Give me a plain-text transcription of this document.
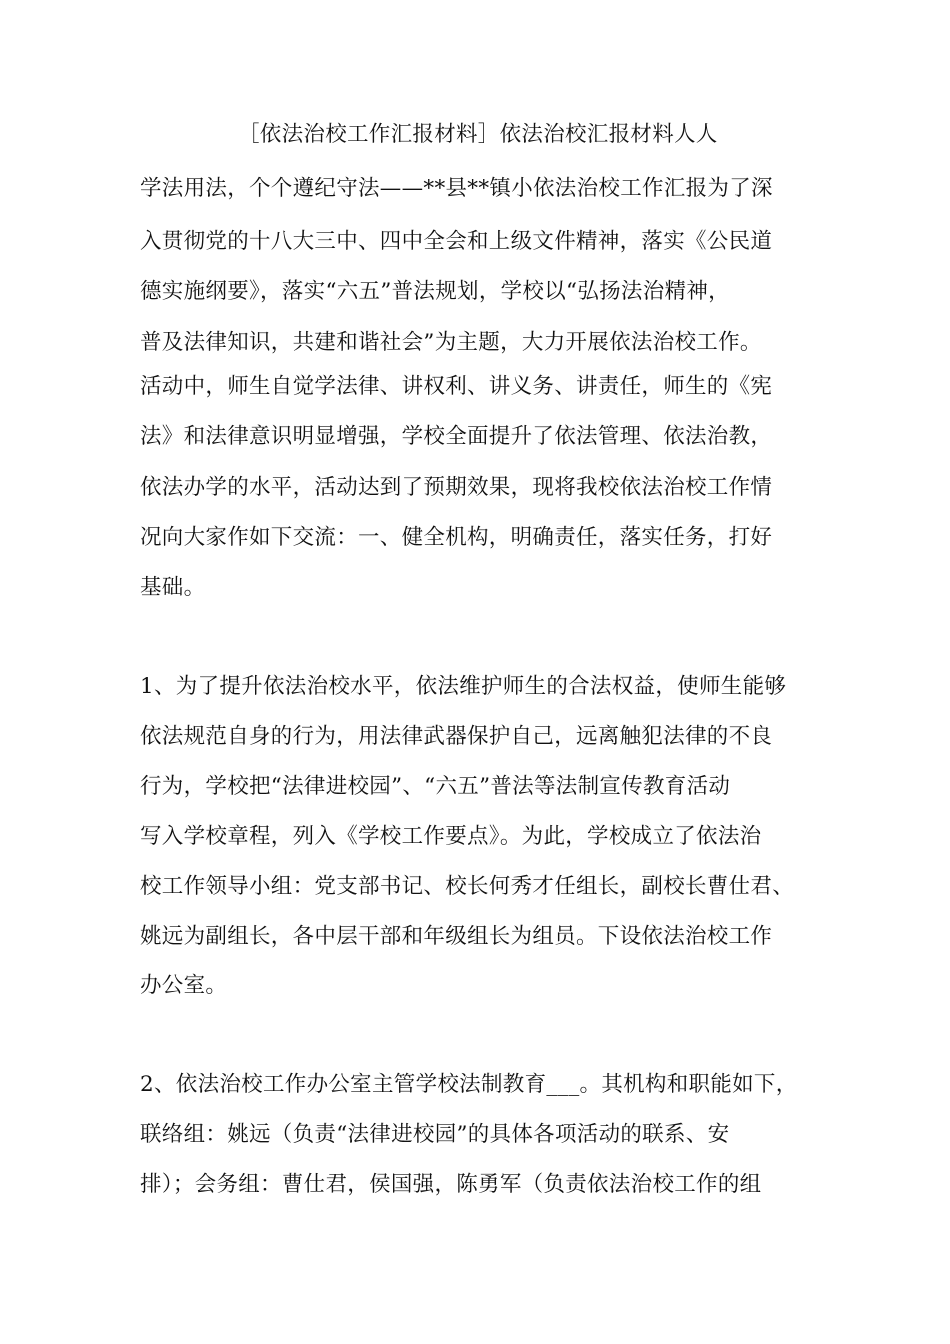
［依法治校工作汇报材料］依法治校汇报材料人人
学法用法，个个遵纪守法——**县**镇小依法治校工作汇报为了深
入贯彻党的十八大三中、四中全会和上级文件精神，落实《公民道
德实施纲要》，落实“六五”普法规划，学校以“弘扬法治精神，
普及法律知识，共建和谐社会”为主题，大力开展依法治校工作。
活动中，师生自觉学法律、讲权利、讲义务、讲责任，师生的《宪
法》和法律意识明显增强，学校全面提升了依法管理、依法治教，
依法办学的水平，活动达到了预期效果，现将我校依法治校工作情
况向大家作如下交流：一、健全机构，明确责任，落实任务，打好
基础。
1、为了提升依法治校水平，依法维护师生的合法权益，使师生能够
依法规范自身的行为，用法律武器保护自己，远离触犯法律的不良
行为，学校把“法律进校园”、“六五”普法等法制宣传教育活动
写入学校章程，列入《学校工作要点》。为此，学校成立了依法治
校工作领导小组：党支部书记、校长何秀才任组长，副校长曹仕君、
姚远为副组长，各中层干部和年级组长为组员。下设依法治校工作
办公室。
2、依法治校工作办公室主管学校法制教育___。其机构和职能如下，
联络组：姚远（负责“法律进校园”的具体各项活动的联系、安
排）；会务组：曹仕君，侯国强，陈勇军（负责依法治校工作的组
